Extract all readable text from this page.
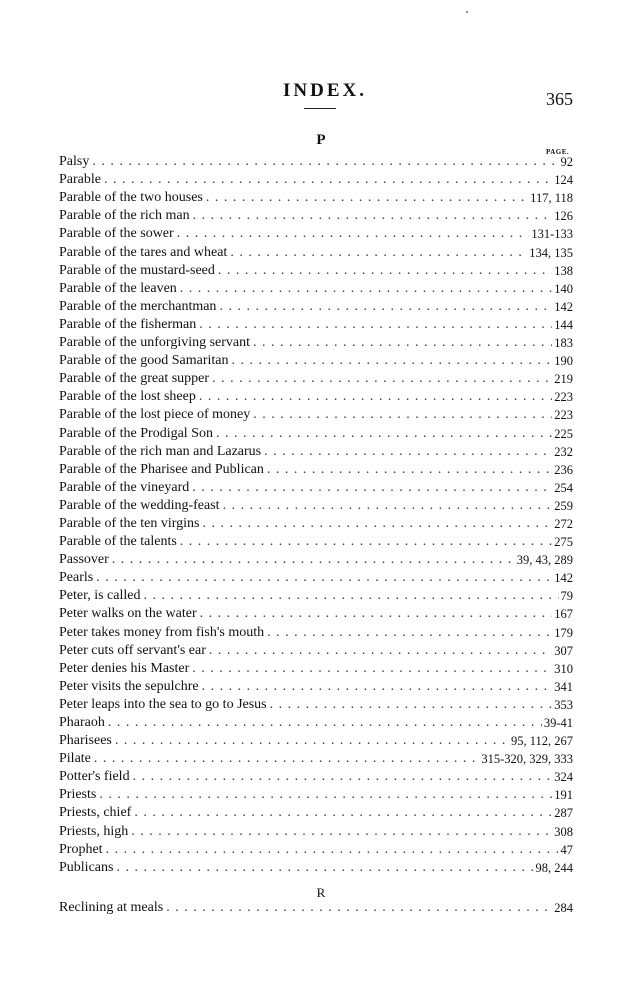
INDEX.	365
P
PAGE.
Palsy . . .	92
Parable . . .	124
Parable of the two houses . . .	117, 118
Parable of the rich man . . .	126
Parable of the sower . . .	131-133
Parable of the tares and wheat . . .	134, 135
Parable of the mustard-seed . . .	138
Parable of the leaven . . .	140
Parable of the merchantman . . .	142
Parable of the fisherman . . .	144
Parable of the unforgiving servant . . .	183
Parable of the good Samaritan . . .	190
Parable of the great supper . . .	219
Parable of the lost sheep . . .	223
Parable of the lost piece of money . . .	223
Parable of the Prodigal Son . . .	225
Parable of the rich man and Lazarus . . .	232
Parable of the Pharisee and Publican . . .	236
Parable of the vineyard . . .	254
Parable of the wedding-feast . . .	259
Parable of the ten virgins . . .	272
Parable of the talents . . .	275
Passover . . .	39, 43, 289
Pearls . . .	142
Peter, is called . . .	79
Peter walks on the water . . .	167
Peter takes money from fish's mouth . . .	179
Peter cuts off servant's ear . . .	307
Peter denies his Master . . .	310
Peter visits the sepulchre . . .	341
Peter leaps into the sea to go to Jesus . . .	353
Pharaoh . . .	39-41
Pharisees . . .	95, 112, 267
Pilate . . .	315-320, 329, 333
Potter's field . . .	324
Priests . . .	191
Priests, chief . . .	287
Priests, high . . .	308
Prophet . . .	47
Publicans . . .	98, 244
R
Reclining at meals . . .	284
